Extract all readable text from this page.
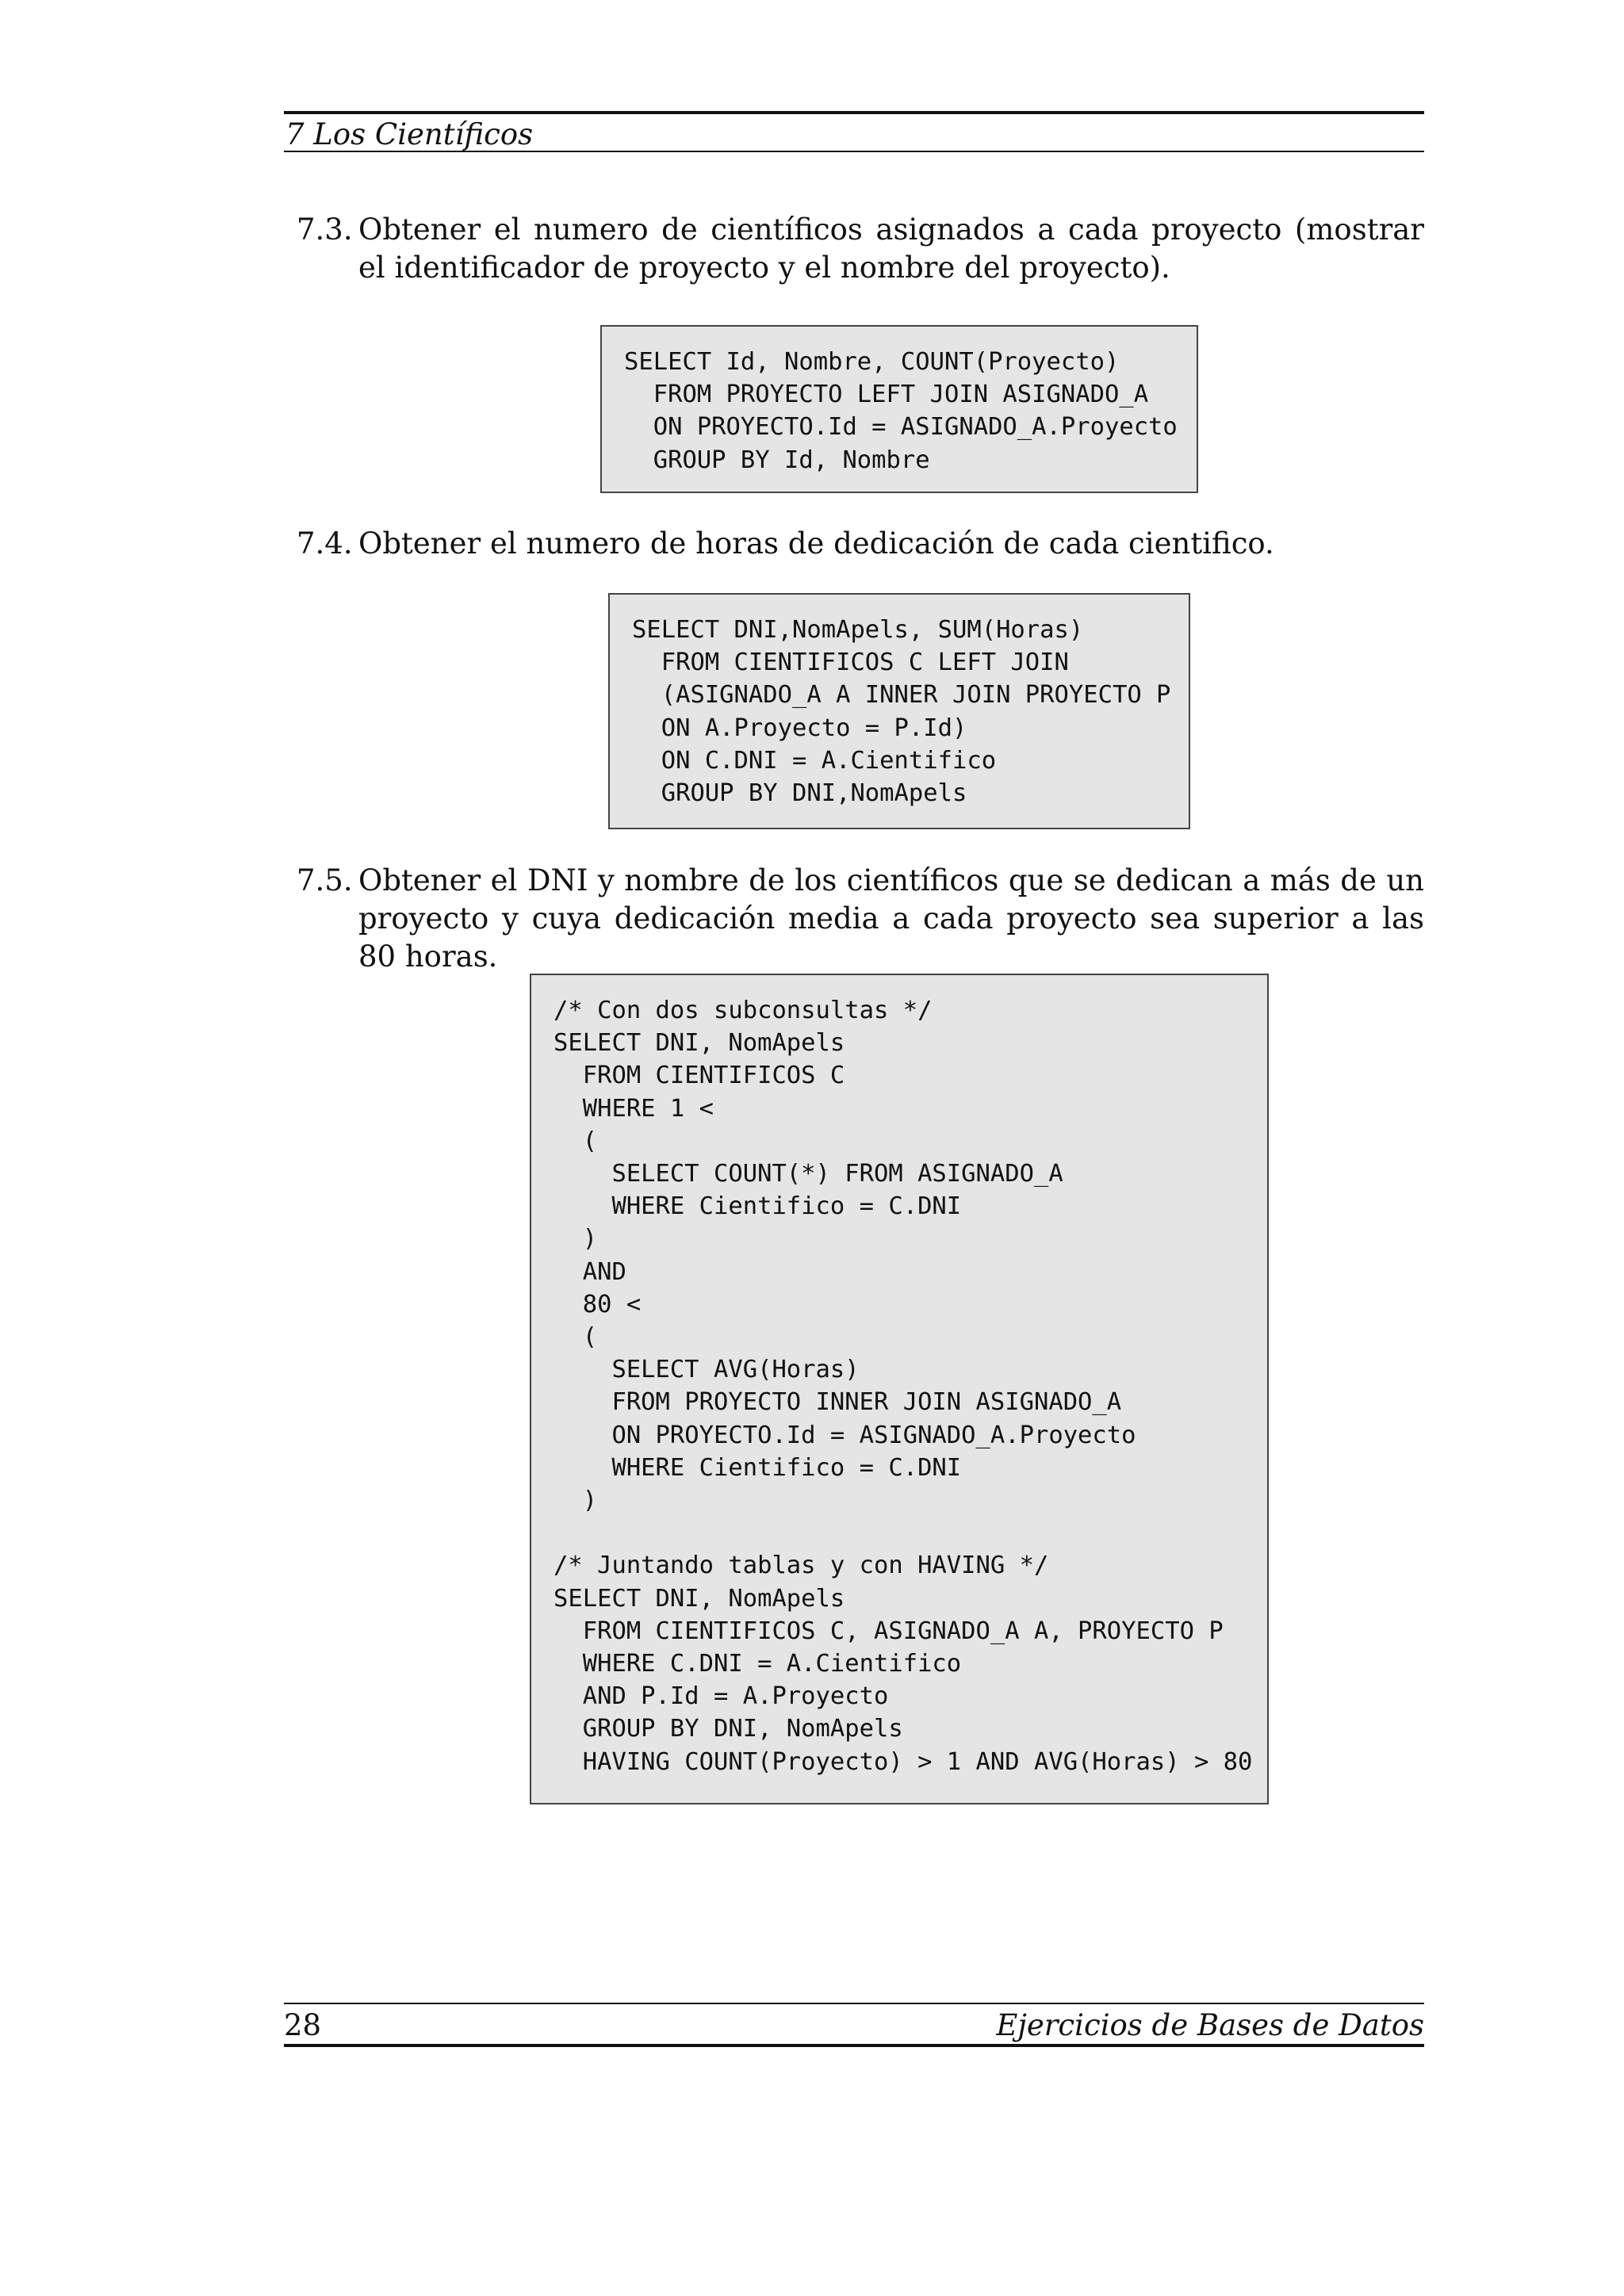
7 Los Científicos
7.3. Obtener el numero de científicos asignados a cada proyecto (mostrar el identificador de proyecto y el nombre del proyecto).
SELECT Id, Nombre, COUNT(Proyecto)
FROM PROYECTO LEFT JOIN ASIGNADO_A
ON PROYECTO.Id = ASIGNADO_A.Proyecto
GROUP BY Id, Nombre
7.4. Obtener el numero de horas de dedicación de cada cientifico.
SELECT DNI,NomApels, SUM(Horas)
FROM CIENTIFICOS C LEFT JOIN
(ASIGNADO_A A INNER JOIN PROYECTO P
ON A.Proyecto = P.Id)
ON C.DNI = A.Cientifico
GROUP BY DNI,NomApels
7.5. Obtener el DNI y nombre de los científicos que se dedican a más de un proyecto y cuya dedicación media a cada proyecto sea superior a las 80 horas.
/* Con dos subconsultas */
SELECT DNI, NomApels
FROM CIENTIFICOS C
WHERE 1 <
(
SELECT COUNT(*) FROM ASIGNADO_A
WHERE Cientifico = C.DNI
)
AND
80 <
(
SELECT AVG(Horas)
FROM PROYECTO INNER JOIN ASIGNADO_A
ON PROYECTO.Id = ASIGNADO_A.Proyecto
WHERE Cientifico = C.DNI
)

/* Juntando tablas y con HAVING */
SELECT DNI, NomApels
FROM CIENTIFICOS C, ASIGNADO_A A, PROYECTO P
WHERE C.DNI = A.Cientifico
AND P.Id = A.Proyecto
GROUP BY DNI, NomApels
HAVING COUNT(Proyecto) > 1 AND AVG(Horas) > 80
28	Ejercicios de Bases de Datos
